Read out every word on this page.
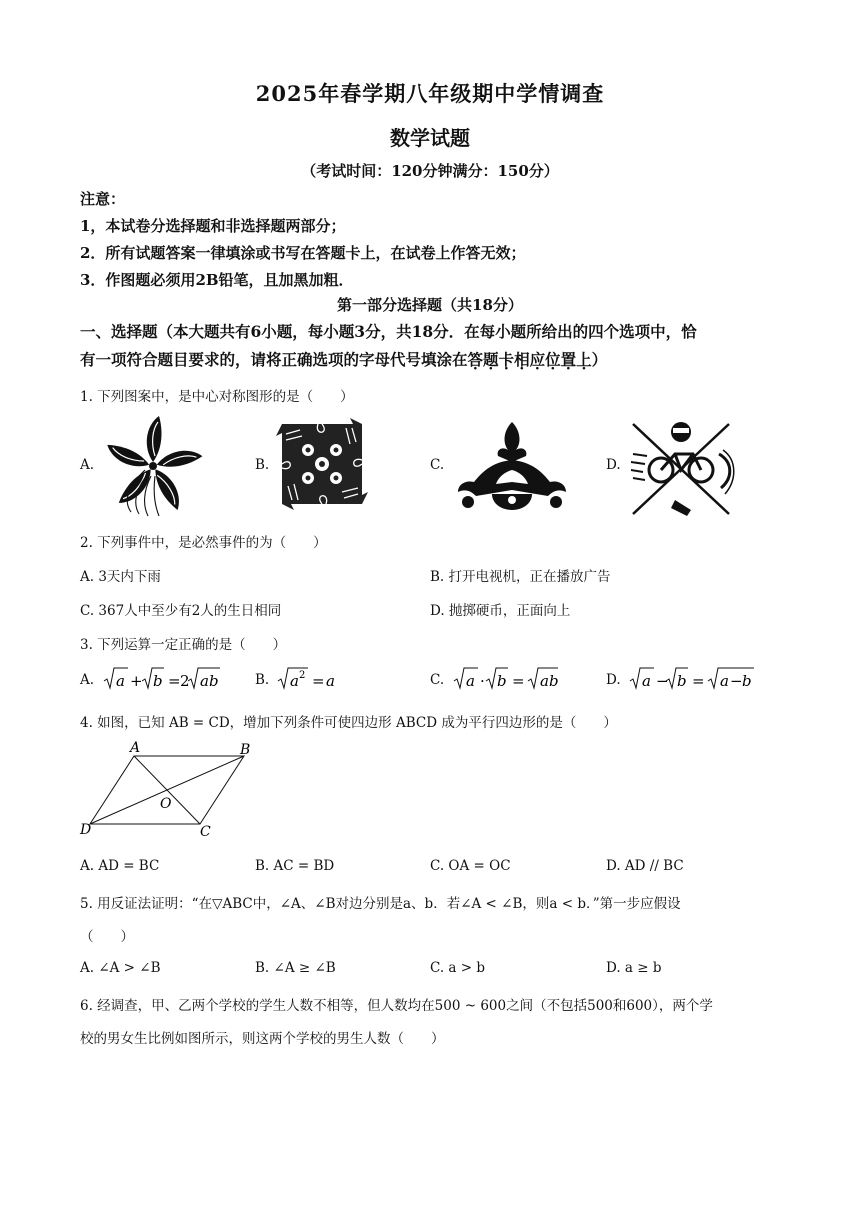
2025年春学期八年级期中学情调查
数学试题
（考试时间：120分钟满分：150分）
注意：
1，本试卷分选择题和非选择题两部分；
2．所有试题答案一律填涂或书写在答题卡上，在试卷上作答无效；
3．作图题必须用2B铅笔，且加黑加粗．
第一部分选择题（共18分）
一、选择题（本大题共有6小题，每小题3分，共18分．在每小题所给出的四个选项中，恰
有一项符合题目要求的，请将正确选项的字母代号填涂在答题卡相应位置上）
1. 下列图案中，是中心对称图形的是（　　）
A.	B.	C.	D.
2. 下列事件中，是必然事件的为（　　）
A. 3天内下雨	B. 打开电视机，正在播放广告
C. 367人中至少有2人的生日相同	D. 抛掷硬币，正面向上
3. 下列运算一定正确的是（　　）
A.	B.	C.	D.
a + b = 2 ab	a 2 = a	a · b = ab	a − b = a − b
4. 如图，已知 AB = CD，增加下列条件可使四边形 ABCD 成为平行四边形的是（　　）
A	B
C
D
O
A. AD = BC	B. AC = BD	C. OA = OC	D. AD // BC
5. 用反证法证明：“在▽ABC中，∠A、∠B对边分别是a、b．若∠A < ∠B，则a < b．”第一步应假设
（　　）
A. ∠A > ∠B	B. ∠A ≥ ∠B	C. a > b	D. a ≥ b
6. 经调查，甲、乙两个学校的学生人数不相等，但人数均在500 ~ 600之间（不包括500和600），两个学
校的男女生比例如图所示，则这两个学校的男生人数（　　）
